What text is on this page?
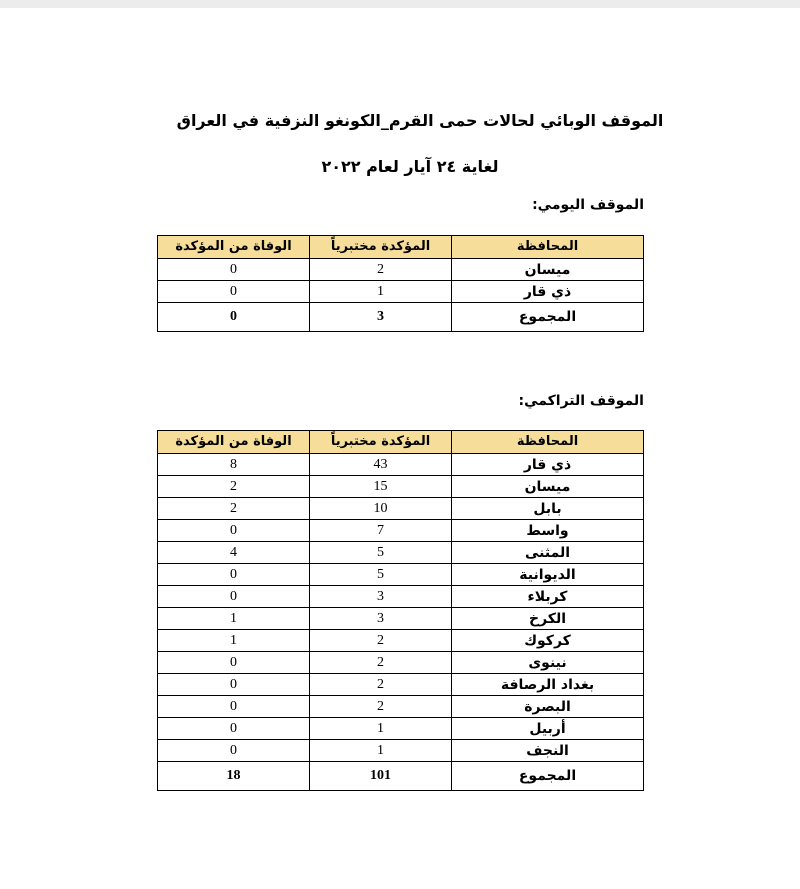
الموقف الوبائي لحالات حمى القرم_الكونغو النزفية في العراق
لغاية ٢٤ آيار لعام ٢٠٢٢
الموقف اليومي:
الوفاة من المؤكدة	المؤكدة مختبرياً	المحافظة
0	2	ميسان
0	1	ذي قار
0	3	المجموع
الموقف التراكمي:
الوفاة من المؤكدة	المؤكدة مختبرياً	المحافظة
8	43	ذي قار
2	15	ميسان
2	10	بابل
0	7	واسط
4	5	المثنى
0	5	الديوانية
0	3	كربلاء
1	3	الكرخ
1	2	كركوك
0	2	نينوى
0	2	بغداد الرصافة
0	2	البصرة
0	1	أربيل
0	1	النجف
18	101	المجموع
